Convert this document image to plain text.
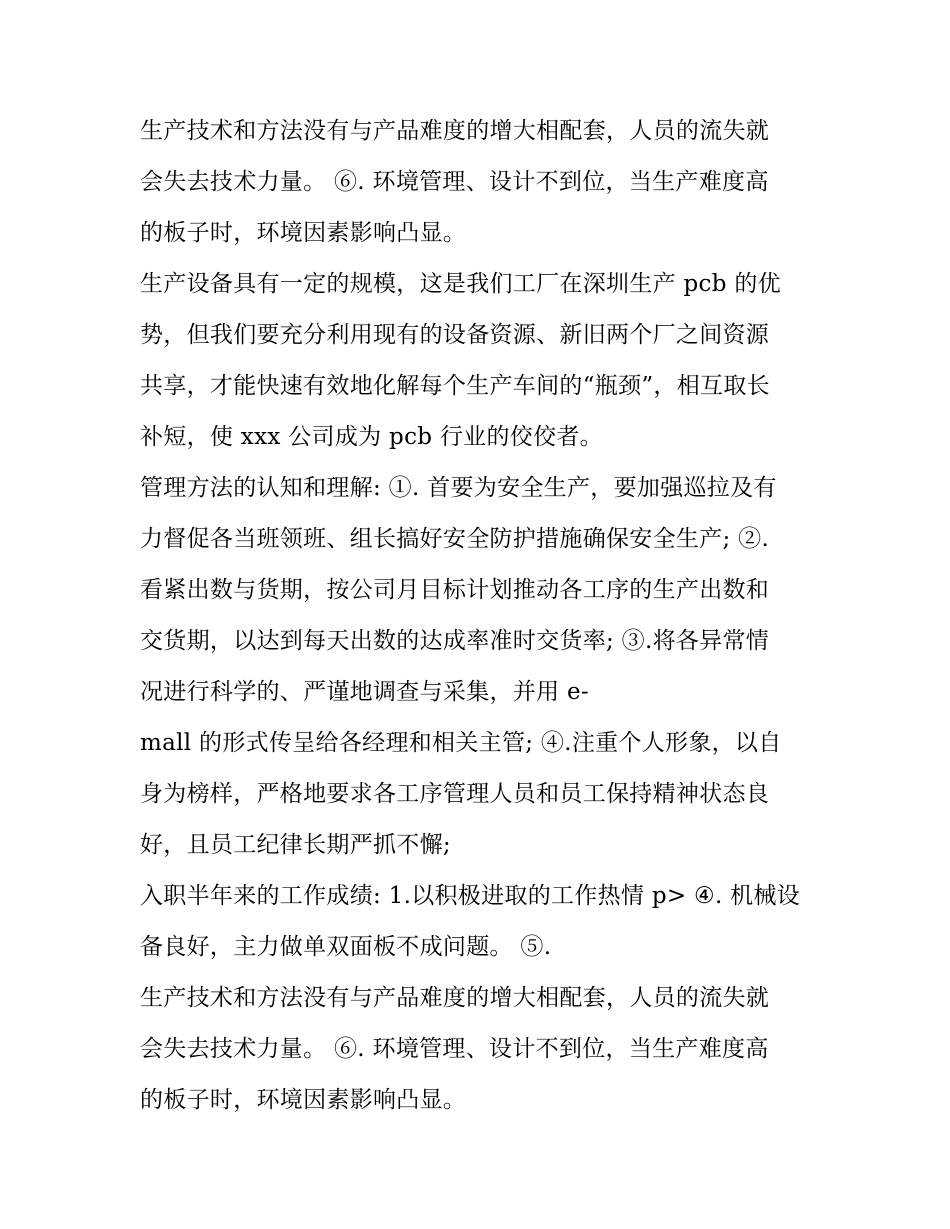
生产技术和方法没有与产品难度的增大相配套，人员的流失就
会失去技术力量。 ⑥. 环境管理、设计不到位，当生产难度高
的板子时，环境因素影响凸显。
生产设备具有一定的规模，这是我们工厂在深圳生产 pcb 的优
势，但我们要充分利用现有的设备资源、新旧两个厂之间资源
共享，才能快速有效地化解每个生产车间的“瓶颈”，相互取长
补短，使 xxx 公司成为 pcb 行业的佼佼者。
管理方法的认知和理解: ①. 首要为安全生产，要加强巡拉及有
力督促各当班领班、组长搞好安全防护措施确保安全生产; ②.
看紧出数与货期，按公司月目标计划推动各工序的生产出数和
交货期，以达到每天出数的达成率准时交货率; ③.将各异常情
况进行科学的、严谨地调查与采集，并用 e-
mall 的形式传呈给各经理和相关主管; ④.注重个人形象，以自
身为榜样，严格地要求各工序管理人员和员工保持精神状态良
好，且员工纪律长期严抓不懈;
入职半年来的工作成绩: 1.以积极进取的工作热情 p> ④. 机械设
备良好，主力做单双面板不成问题。 ⑤.
生产技术和方法没有与产品难度的增大相配套，人员的流失就
会失去技术力量。 ⑥. 环境管理、设计不到位，当生产难度高
的板子时，环境因素影响凸显。
